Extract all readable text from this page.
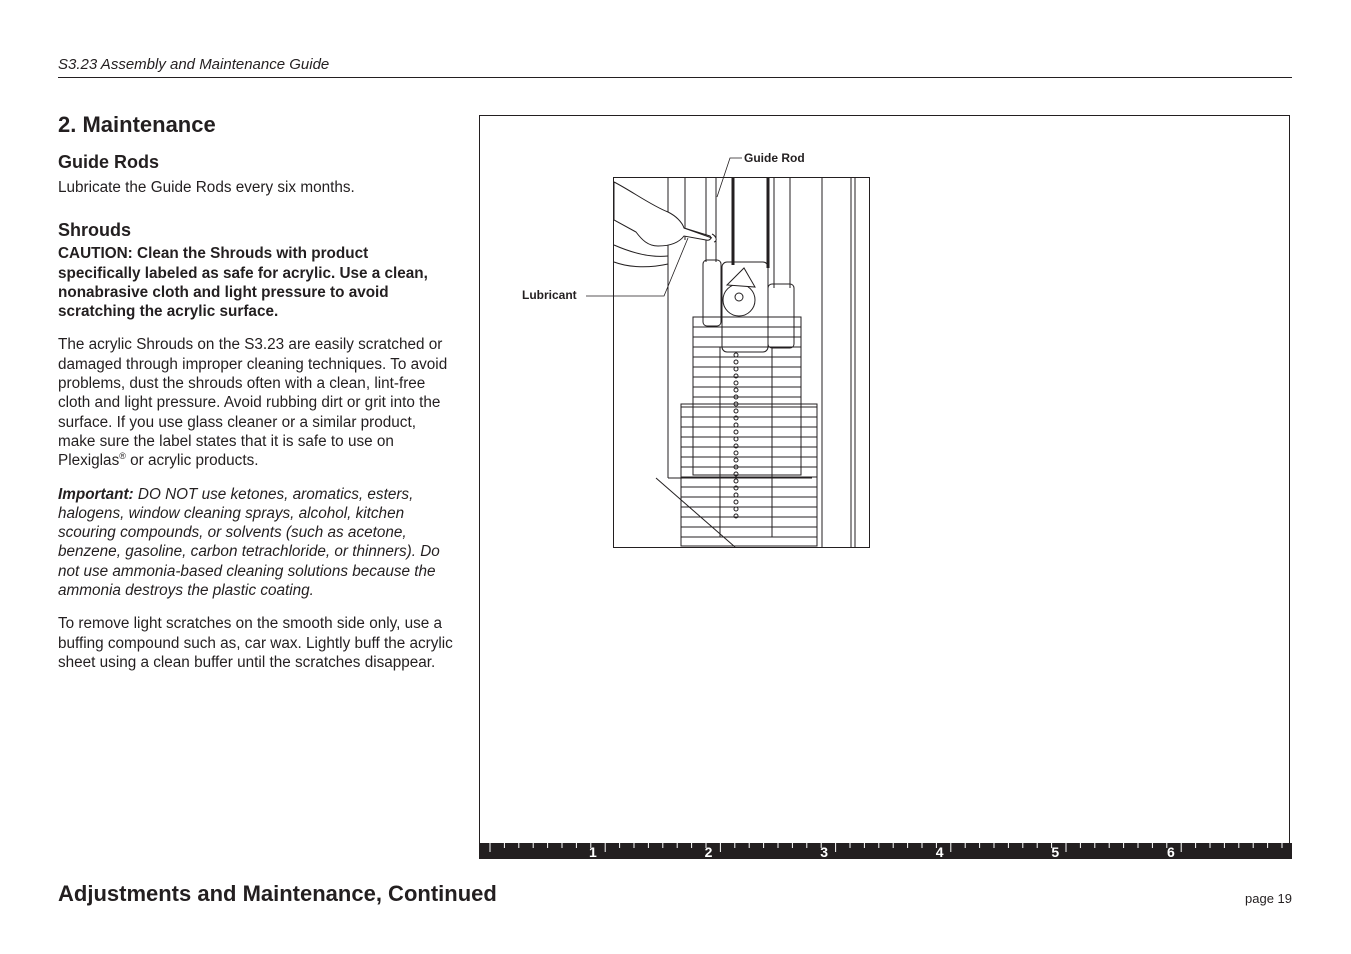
S3.23 Assembly and Maintenance Guide
2. Maintenance
Guide Rods

Lubricate the Guide Rods every six months.

Shrouds

CAUTION: Clean the Shrouds with product specifically labeled as safe for acrylic. Use a clean, nonabrasive cloth and light pressure to avoid scratching the acrylic surface.

The acrylic Shrouds on the S3.23 are easily scratched or damaged through improper cleaning techniques. To avoid problems, dust the shrouds often with a clean, lint-free cloth and light pressure. Avoid rubbing dirt or grit into the surface. If you use glass cleaner or a similar product, make sure the label states that it is safe to use on Plexiglas® or acrylic products.

Important: DO NOT use ketones, aromatics, esters, halogens, window cleaning sprays, alcohol, kitchen scouring compounds, or solvents (such as acetone, benzene, gasoline, carbon tetrachloride, or thinners). Do not use ammonia-based cleaning solutions because the ammonia destroys the plastic coating.

To remove light scratches on the smooth side only, use a buffing compound such as, car wax. Lightly buff the acrylic sheet using a clean buffer until the scratches disappear.

Guide Rod
Lubricant
1	2	3	4	5	6
Adjustments and Maintenance, Continued	page 19
